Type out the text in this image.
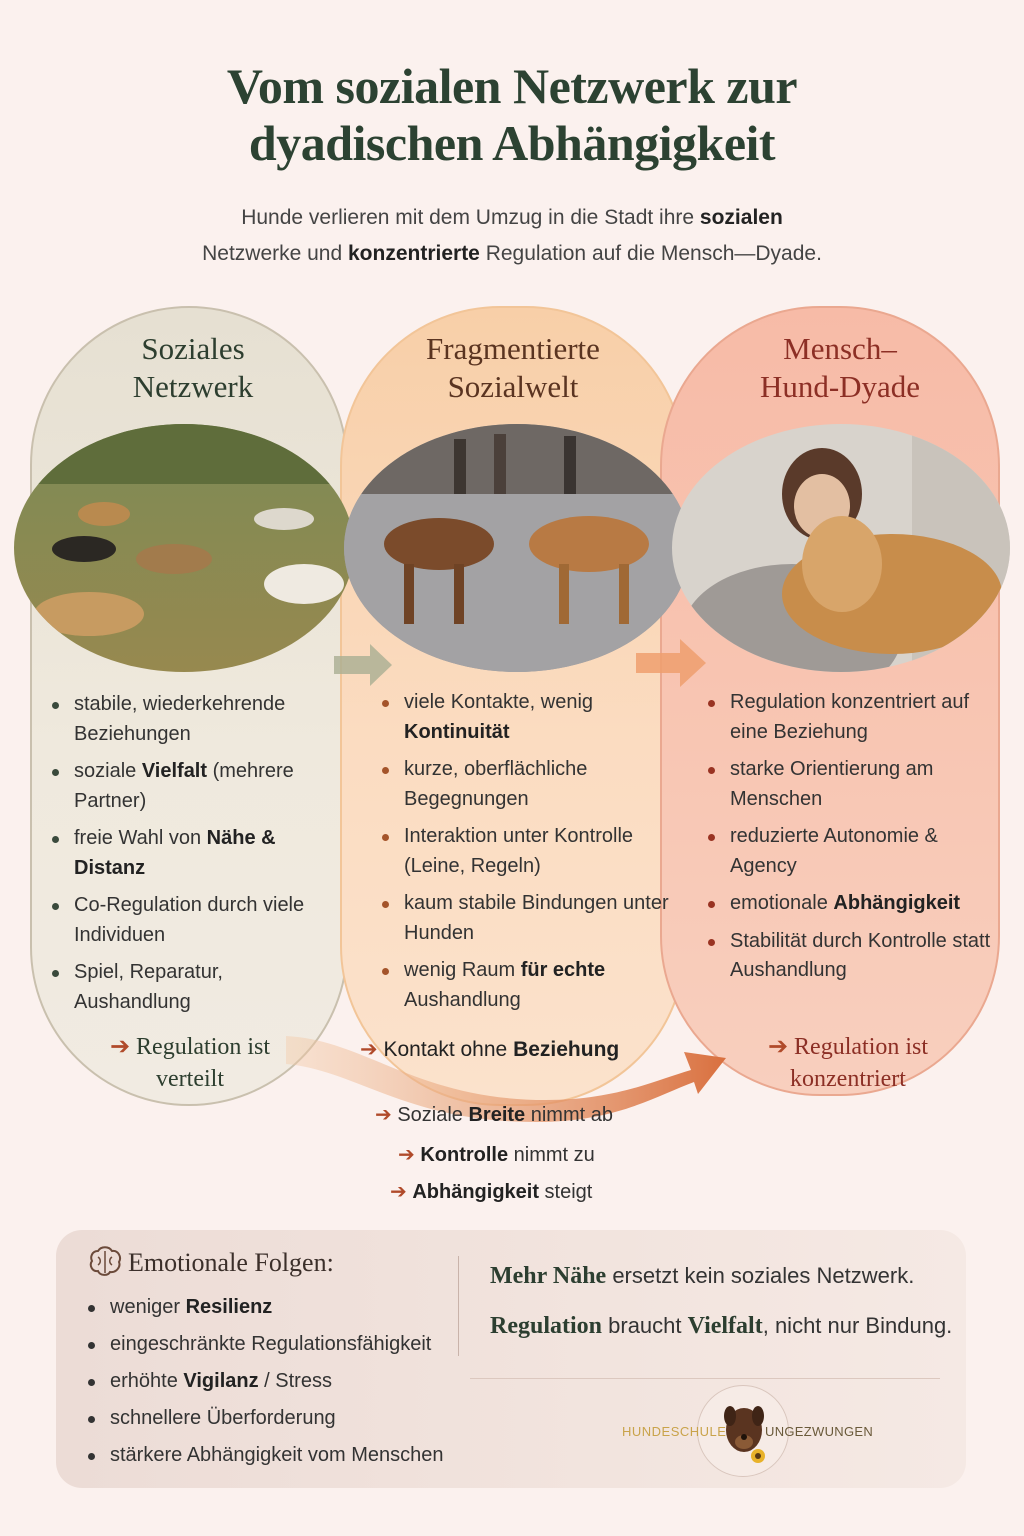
Vom sozialen Netzwerk zur
dyadischen Abhängigkeit

Hunde verlieren mit dem Umzug in die Stadt ihre sozialen
Netzwerke und konzentrierte Regulation auf die Mensch—Dyade.

Soziales
Netzwerk
Fragmentierte
Sozialwelt
Mensch–
Hund-Dyade
stabile, wiederkehrende Beziehungen
soziale Vielfalt (mehrere Partner)
freie Wahl von Nähe & Distanz
Co-Regulation durch viele Individuen
Spiel, Reparatur, Aushandlung
viele Kontakte, wenig Kontinuität
kurze, oberflächliche Begegnungen
Interaktion unter Kontrolle (Leine, Regeln)
kaum stabile Bindungen unter Hunden
wenig Raum für echte Aushandlung
Regulation konzentriert auf eine Beziehung
starke Orientierung am Menschen
reduzierte Autonomie & Agency
emotionale Abhängigkeit
Stabilität durch Kontrolle statt Aushandlung
➔ Regulation ist
verteilt
➔ Kontakt ohne Beziehung	➔ Regulation ist
konzentriert
➔ Soziale Breite nimmt ab
➔ Kontrolle nimmt zu
➔ Abhängigkeit steigt
Emotionale Folgen:
weniger Resilienz
eingeschränkte Regulationsfähigkeit
erhöhte Vigilanz / Stress
schnellere Überforderung
stärkere Abhängigkeit vom Menschen
Mehr Nähe ersetzt kein soziales Netzwerk.
Regulation braucht Vielfalt, nicht nur Bindung.
HUNDESCHULE	UNGEZWUNGEN
